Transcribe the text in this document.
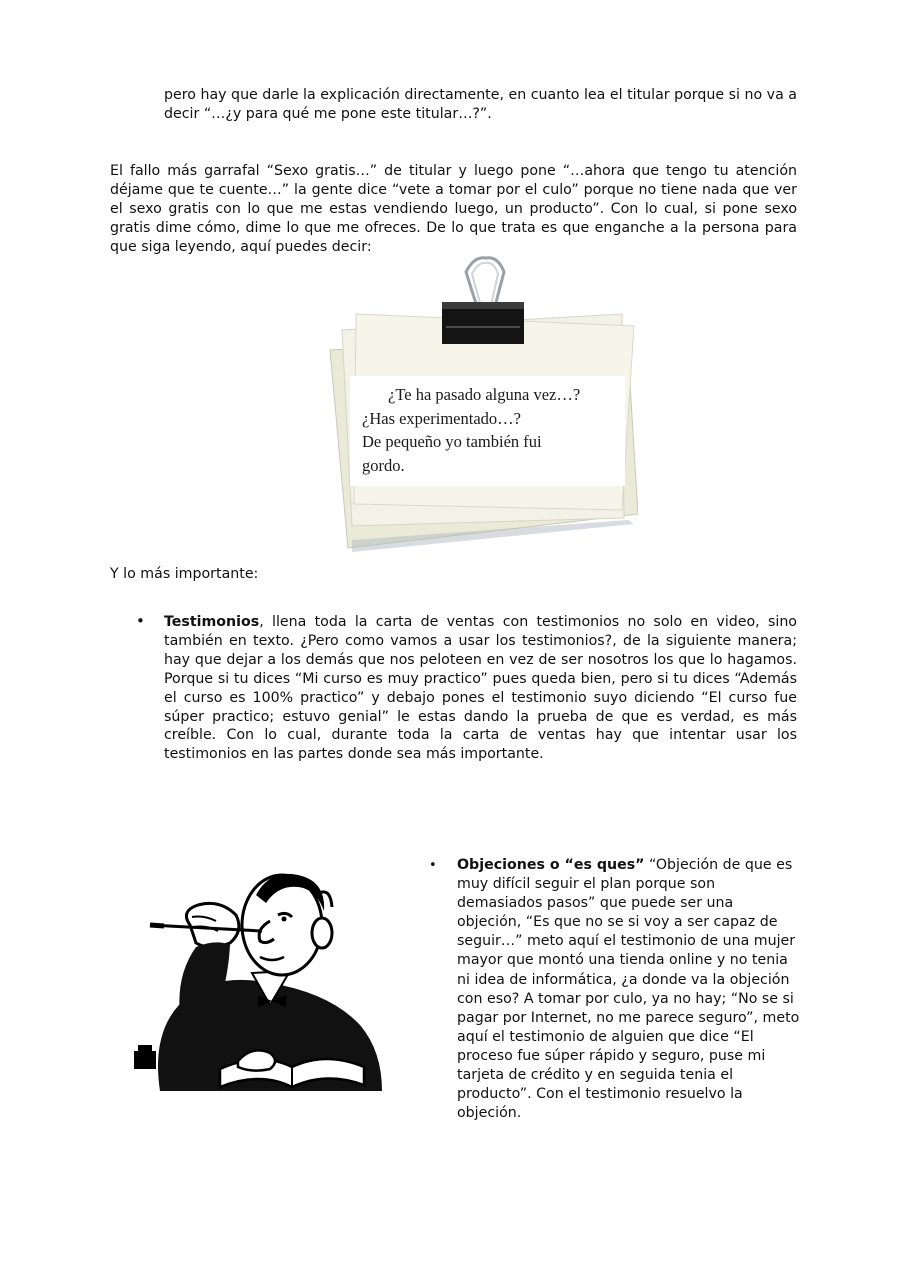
pero hay que darle la explicación directamente, en cuanto lea el titular porque si no va a decir “…¿y para qué me pone este titular…?”.
El fallo más garrafal “Sexo gratis…” de titular y luego pone “…ahora que tengo tu atención déjame que te cuente…” la gente dice “vete a tomar por el culo” porque no tiene nada que ver el sexo gratis con lo que me estas vendiendo luego, un producto”. Con lo cual, si pone sexo gratis dime cómo, dime lo que me ofreces. De lo que trata es que enganche a la persona para que siga leyendo, aquí puedes decir:
¿Te ha pasado alguna vez…?
¿Has experimentado…?
De pequeño yo también fui
gordo.
Y lo más importante:
• Testimonios, llena toda la carta de ventas con testimonios no solo en video, sino también en texto. ¿Pero como vamos a usar los testimonios?, de la siguiente manera; hay que dejar a los demás que nos peloteen en vez de ser nosotros los que lo hagamos. Porque si tu dices “Mi curso es muy practico” pues queda bien, pero si tu dices “Además el curso es 100% practico” y debajo pones el testimonio suyo diciendo “El curso fue súper practico; estuvo genial” le estas dando la prueba de que es verdad, es más creíble. Con lo cual, durante toda la carta de ventas hay que intentar usar los testimonios en las partes donde sea más importante.
• Objeciones o “es ques” “Objeción de que es muy difícil seguir el plan porque son demasiados pasos” que puede ser una objeción, “Es que no se si voy a ser capaz de seguir…” meto aquí el testimonio de una mujer mayor que montó una tienda online y no tenia ni idea de informática, ¿a donde va la objeción con eso? A tomar por culo, ya no hay; “No se si pagar por Internet, no me parece seguro”, meto aquí el testimonio de alguien que dice “El proceso fue súper rápido y seguro, puse mi tarjeta de crédito y en seguida tenia el producto”. Con el testimonio resuelvo la objeción.
